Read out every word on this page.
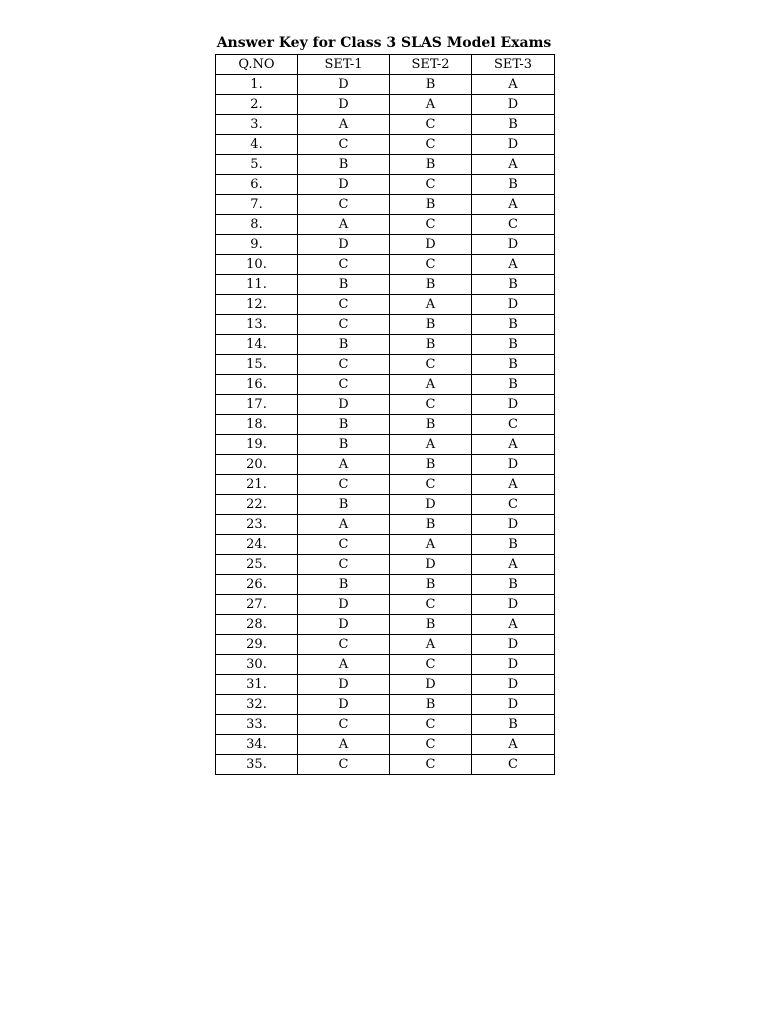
Answer Key for Class 3 SLAS Model Exams
Q.NO	SET-1	SET-2	SET-3
1.	D	B	A
2.	D	A	D
3.	A	C	B
4.	C	C	D
5.	B	B	A
6.	D	C	B
7.	C	B	A
8.	A	C	C
9.	D	D	D
10.	C	C	A
11.	B	B	B
12.	C	A	D
13.	C	B	B
14.	B	B	B
15.	C	C	B
16.	C	A	B
17.	D	C	D
18.	B	B	C
19.	B	A	A
20.	A	B	D
21.	C	C	A
22.	B	D	C
23.	A	B	D
24.	C	A	B
25.	C	D	A
26.	B	B	B
27.	D	C	D
28.	D	B	A
29.	C	A	D
30.	A	C	D
31.	D	D	D
32.	D	B	D
33.	C	C	B
34.	A	C	A
35.	C	C	C
